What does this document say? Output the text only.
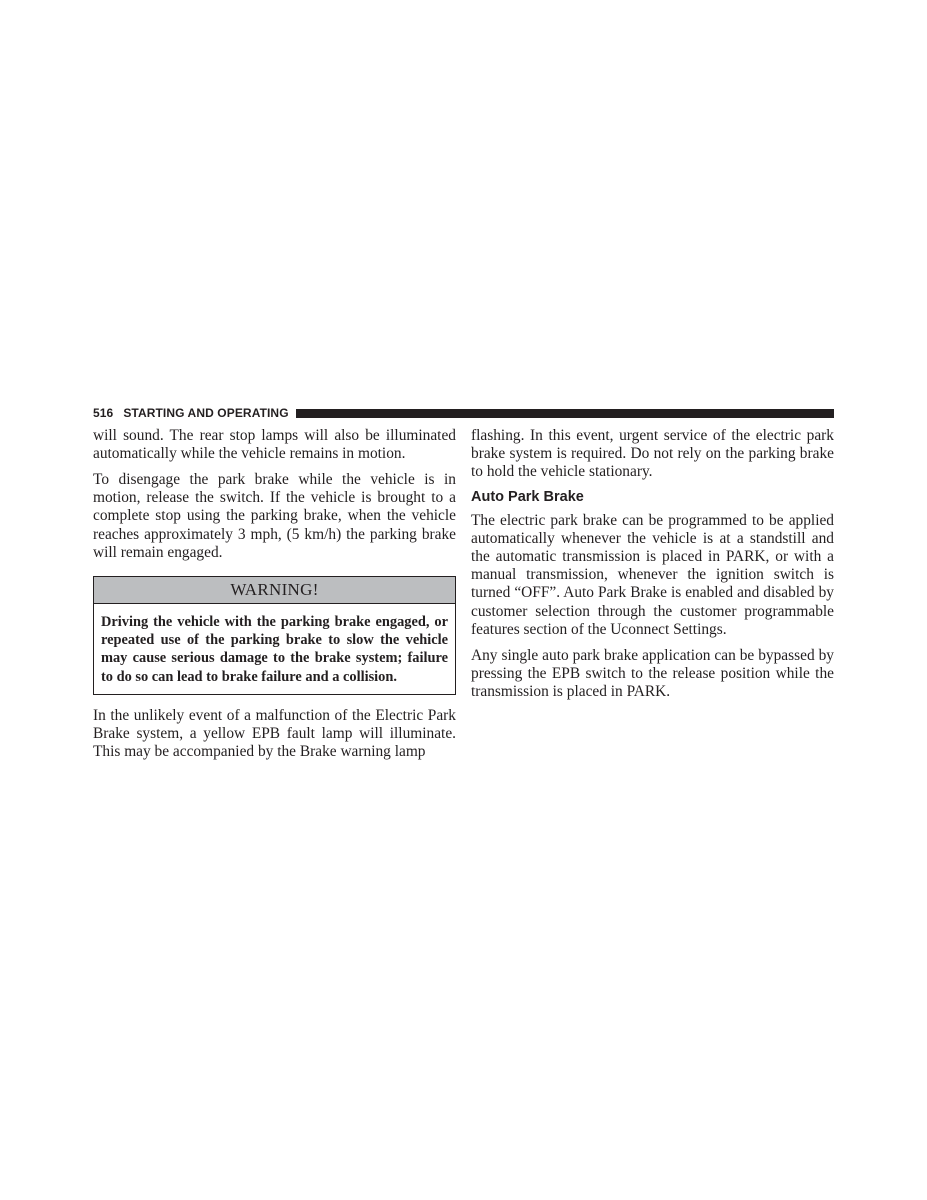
516 STARTING AND OPERATING

will sound. The rear stop lamps will also be illuminated automatically while the vehicle remains in motion.

To disengage the park brake while the vehicle is in motion, release the switch. If the vehicle is brought to a complete stop using the parking brake, when the vehicle reaches approximately 3 mph, (5 km/h) the parking brake will remain engaged.

WARNING!
Driving the vehicle with the parking brake engaged, or repeated use of the parking brake to slow the vehicle may cause serious damage to the brake system; failure to do so can lead to brake failure and a collision.

In the unlikely event of a malfunction of the Electric Park Brake system, a yellow EPB fault lamp will illuminate. This may be accompanied by the Brake warning lamp

flashing. In this event, urgent service of the electric park brake system is required. Do not rely on the parking brake to hold the vehicle stationary.

Auto Park Brake

The electric park brake can be programmed to be applied automatically whenever the vehicle is at a standstill and the automatic transmission is placed in PARK, or with a manual transmission, whenever the ignition switch is turned “OFF”. Auto Park Brake is enabled and disabled by customer selection through the customer programmable features section of the Uconnect Settings.

Any single auto park brake application can be bypassed by pressing the EPB switch to the release position while the transmission is placed in PARK.
